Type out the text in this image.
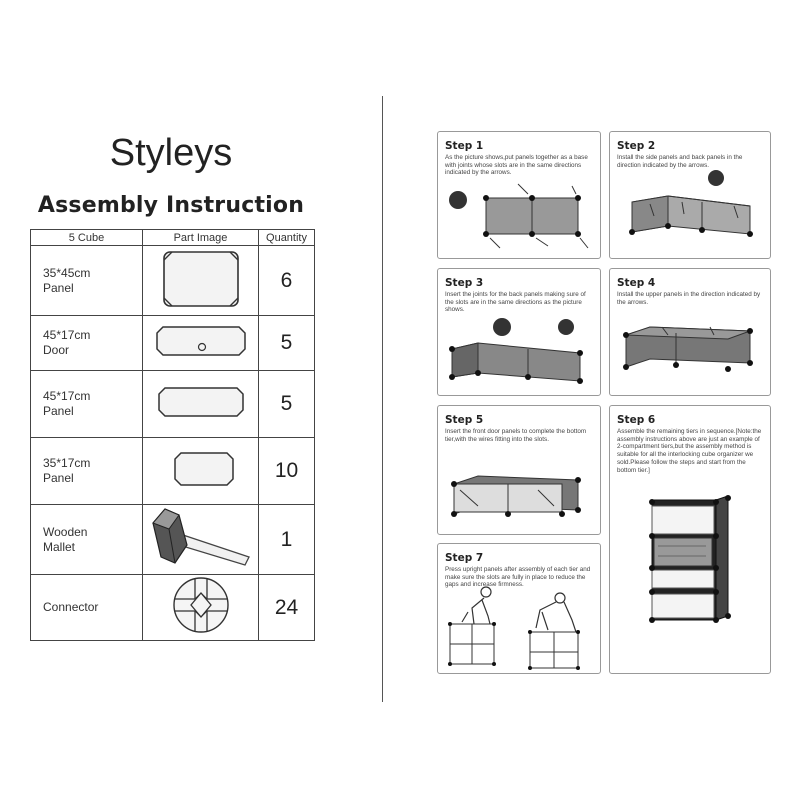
Styleys
Assembly Instruction
5 Cube	Part Image	Quantity

35*45cm
Panel		6

45*17cm
Door		5

45*17cm
Panel		5

35*17cm
Panel		10

Wooden
Mallet		1

Connector		24
Step 1
As the picture shows,put panels together as a base with joints whose slots are in the same directions indicated by the arrows.
Step 2
Install the side panels and back panels in the direction indicated by the arrows.
Step 3
Insert the joints for the back panels making sure of the slots are in the same directions as the picture shows.
Step 4
Install the upper panels in the direction indicated by the arrows.
Step 5
Insert the front door panels to complete the bottom tier,with the wires fitting into the slots.
Step 6
Assemble the remaining tiers in sequence.[Note:the assembly instructions above are just an example of 2-compartment tiers,but the assembly method is suitable for all the interlocking cube organizer we sold.Please follow the steps and start from the bottom tier.]
Step 7
Press upright panels after assembly of each tier and make sure the slots are fully in place to reduce the gaps and increase firmness.
